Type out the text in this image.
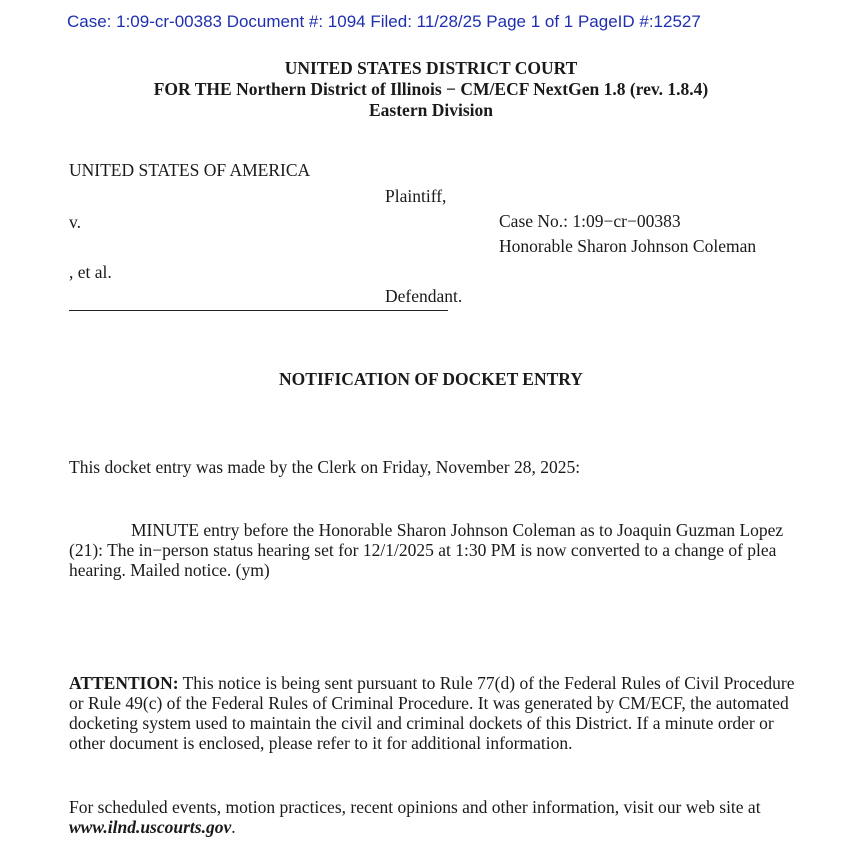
Case: 1:09-cr-00383 Document #: 1094 Filed: 11/28/25 Page 1 of 1 PageID #:12527
UNITED STATES DISTRICT COURT
FOR THE Northern District of Illinois − CM/ECF NextGen 1.8 (rev. 1.8.4)
Eastern Division
UNITED STATES OF AMERICA
Plaintiff,
v.	Case No.: 1:09−cr−00383
Honorable Sharon Johnson Coleman
, et al.
Defendant.
NOTIFICATION OF DOCKET ENTRY
This docket entry was made by the Clerk on Friday, November 28, 2025:
MINUTE entry before the Honorable Sharon Johnson Coleman as to Joaquin Guzman Lopez (21): The in−person status hearing set for 12/1/2025 at 1:30 PM is now converted to a change of plea hearing. Mailed notice. (ym)
ATTENTION: This notice is being sent pursuant to Rule 77(d) of the Federal Rules of Civil Procedure or Rule 49(c) of the Federal Rules of Criminal Procedure. It was generated by CM/ECF, the automated docketing system used to maintain the civil and criminal dockets of this District. If a minute order or other document is enclosed, please refer to it for additional information.
For scheduled events, motion practices, recent opinions and other information, visit our web site at www.ilnd.uscourts.gov.
